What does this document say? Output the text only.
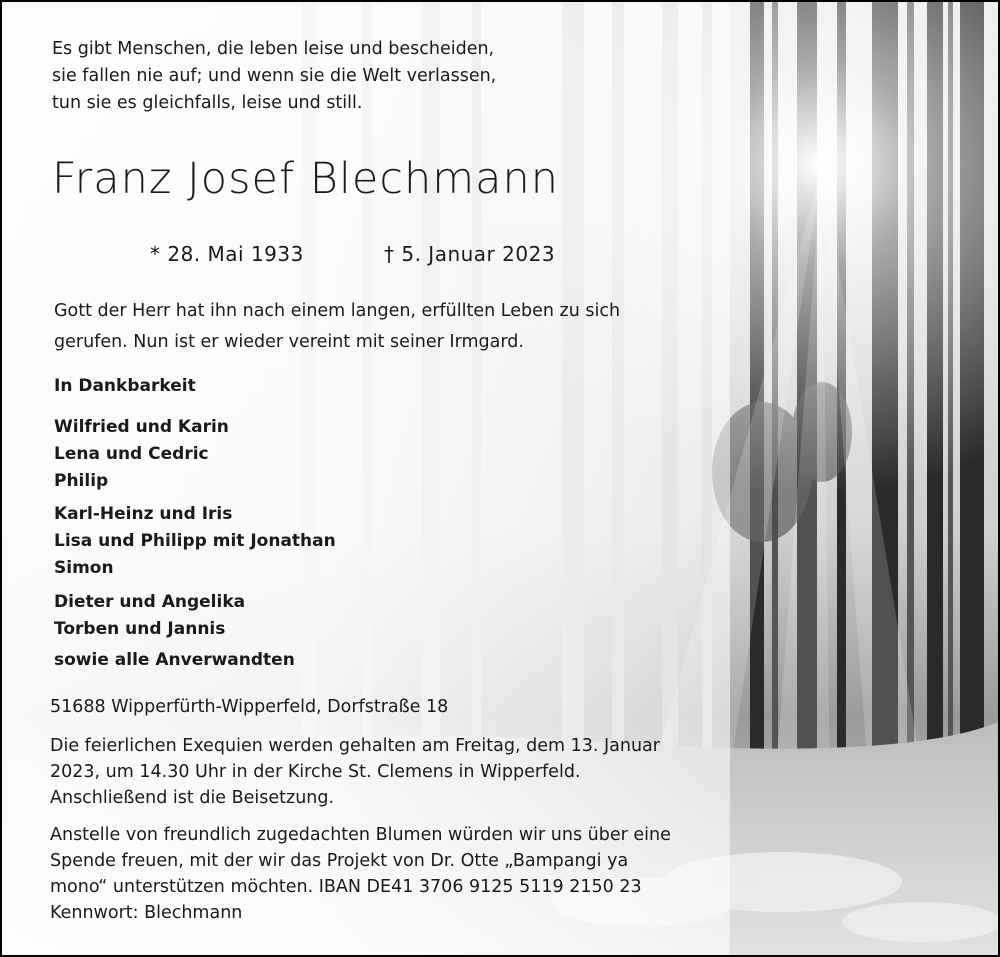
Es gibt Menschen, die leben leise und bescheiden,
sie fallen nie auf; und wenn sie die Welt verlassen,
tun sie es gleichfalls, leise und still.
Franz Josef Blechmann
* 28. Mai 1933	† 5. Januar 2023
Gott der Herr hat ihn nach einem langen, erfüllten Leben zu sich
gerufen. Nun ist er wieder vereint mit seiner Irmgard.
In Dankbarkeit
Wilfried und Karin
Lena und Cedric
Philip
Karl-Heinz und Iris
Lisa und Philipp mit Jonathan
Simon
Dieter und Angelika
Torben und Jannis
sowie alle Anverwandten
51688 Wipperfürth-Wipperfeld, Dorfstraße 18
Die feierlichen Exequien werden gehalten am Freitag, dem 13. Januar
2023, um 14.30 Uhr in der Kirche St. Clemens in Wipperfeld.
Anschließend ist die Beisetzung.
Anstelle von freundlich zugedachten Blumen würden wir uns über eine
Spende freuen, mit der wir das Projekt von Dr. Otte „Bampangi ya
mono“ unterstützen möchten. IBAN DE41 3706 9125 5119 2150 23
Kennwort: Blechmann
